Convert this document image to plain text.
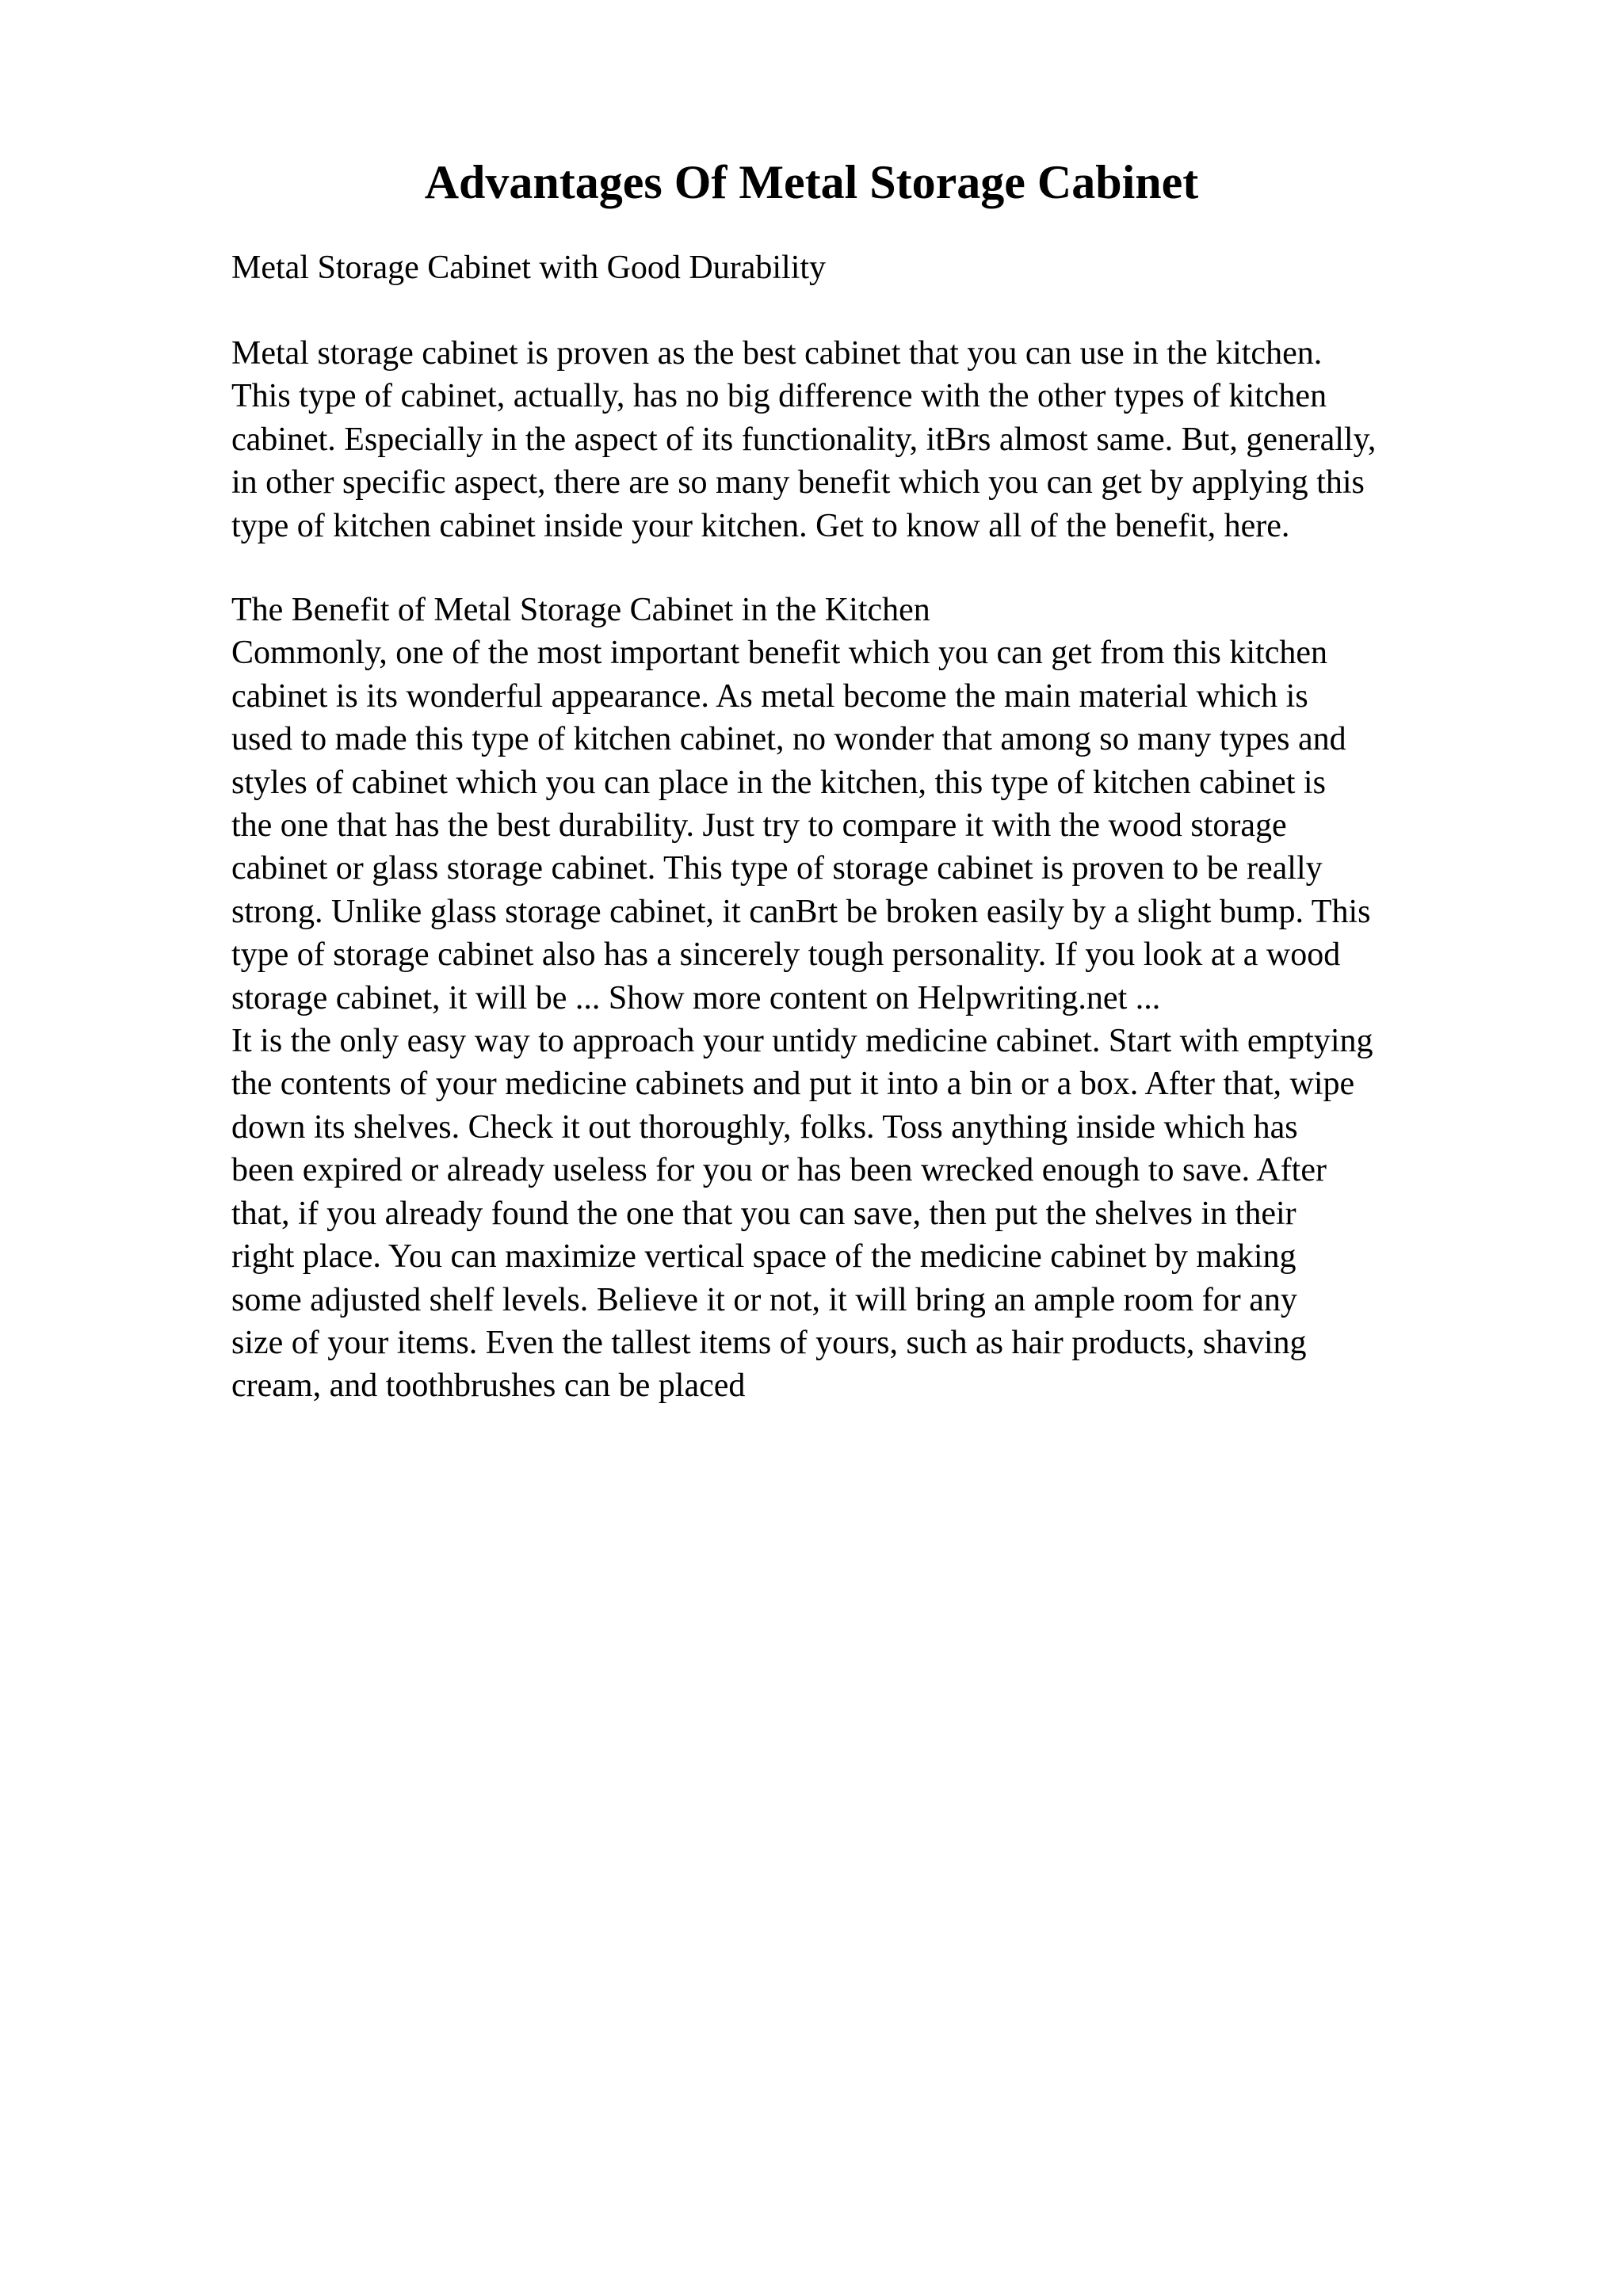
Advantages Of Metal Storage Cabinet

Metal Storage Cabinet with Good Durability

Metal storage cabinet is proven as the best cabinet that you can use in the kitchen.
This type of cabinet, actually, has no big difference with the other types of kitchen
cabinet. Especially in the aspect of its functionality, itBrs almost same. But, generally,
in other specific aspect, there are so many benefit which you can get by applying this
type of kitchen cabinet inside your kitchen. Get to know all of the benefit, here.

The Benefit of Metal Storage Cabinet in the Kitchen
Commonly, one of the most important benefit which you can get from this kitchen
cabinet is its wonderful appearance. As metal become the main material which is
used to made this type of kitchen cabinet, no wonder that among so many types and
styles of cabinet which you can place in the kitchen, this type of kitchen cabinet is
the one that has the best durability. Just try to compare it with the wood storage
cabinet or glass storage cabinet. This type of storage cabinet is proven to be really
strong. Unlike glass storage cabinet, it canBrt be broken easily by a slight bump. This
type of storage cabinet also has a sincerely tough personality. If you look at a wood
storage cabinet, it will be ... Show more content on Helpwriting.net ...
It is the only easy way to approach your untidy medicine cabinet. Start with emptying
the contents of your medicine cabinets and put it into a bin or a box. After that, wipe
down its shelves. Check it out thoroughly, folks. Toss anything inside which has
been expired or already useless for you or has been wrecked enough to save. After
that, if you already found the one that you can save, then put the shelves in their
right place. You can maximize vertical space of the medicine cabinet by making
some adjusted shelf levels. Believe it or not, it will bring an ample room for any
size of your items. Even the tallest items of yours, such as hair products, shaving
cream, and toothbrushes can be placed
